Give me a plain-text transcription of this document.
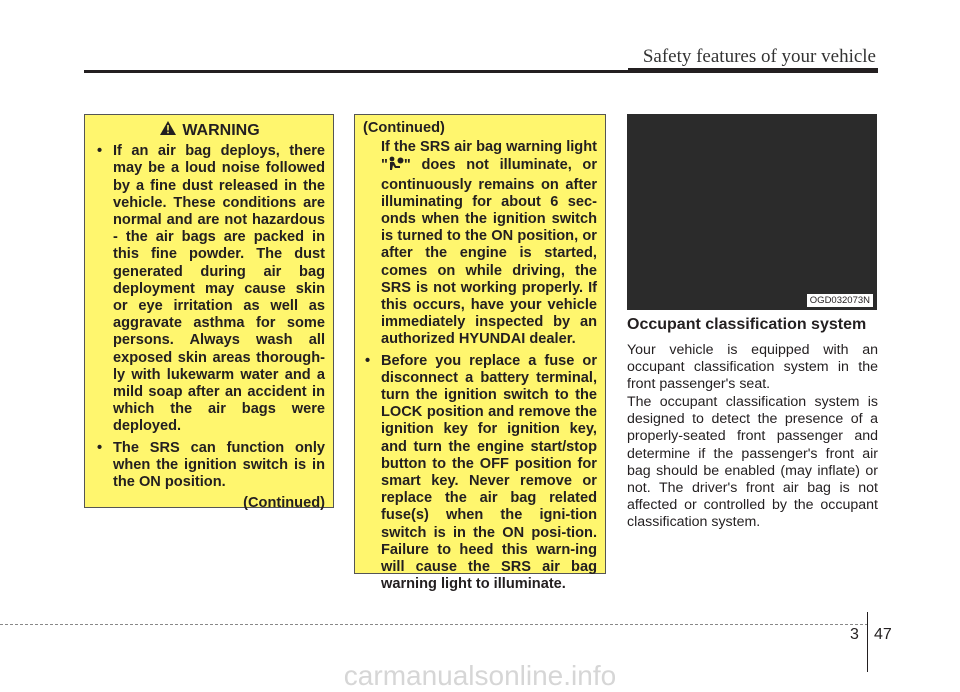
Safety features of your vehicle
WARNING
• If an air bag deploys, there may be a loud noise followed by a fine dust released in the vehicle. These conditions are normal and are not hazardous - the air bags are packed in this fine powder. The dust generated during air bag deployment may cause skin or eye irritation as well as aggravate asthma for some persons. Always wash all exposed skin areas thorough-ly with lukewarm water and a mild soap after an accident in which the air bags were deployed.
• The SRS can function only when the ignition switch is in the ON position.
(Continued)
(Continued)
If the SRS air bag warning light " " does not illuminate, or continuously remains on after illuminating for about 6 sec-onds when the ignition switch is turned to the ON position, or after the engine is started, comes on while driving, the SRS is not working properly. If this occurs, have your vehicle immediately inspected by an authorized HYUNDAI dealer.
• Before you replace a fuse or disconnect a battery terminal, turn the ignition switch to the LOCK position and remove the ignition key for ignition key, and turn the engine start/stop button to the OFF position for smart key. Never remove or replace the air bag related fuse(s) when the igni-tion switch is in the ON posi-tion. Failure to heed this warn-ing will cause the SRS air bag warning light to illuminate.
OGD032073N
Occupant classification system
Your vehicle is equipped with an occupant classification system in the front passenger's seat.
The occupant classification system is designed to detect the presence of a properly-seated front passenger and determine if the passenger's front air bag should be enabled (may inflate) or not. The driver's front air bag is not affected or controlled by the occupant classification system.
3 47
carmanualsonline.info
